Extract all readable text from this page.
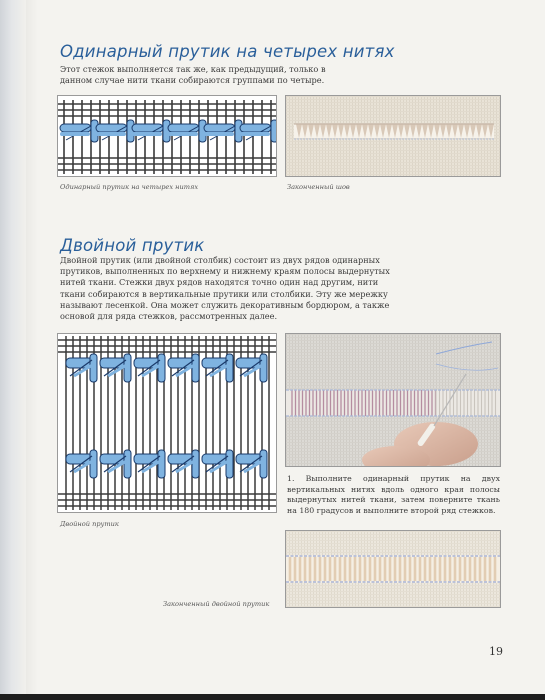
Одинарный прутик на четырех нитях

Этот стежок выполняется так же, как предыдущий, только в данном случае нити ткани собираются группами по четыре.

Одинарный прутик на четырех нитях	Законченный шов

Двойной прутик

Двойной прутик (или двойной столбик) состоит из двух рядов одинарных прутиков, выполненных по верхнему и нижнему краям полосы выдернутых нитей ткани. Стежки двух рядов находятся точно один над другим, нити ткани собираются в вертикальные прутики или столбики. Эту же мережку называют лесенкой. Она может служить декоративным бордюром, а также основой для ряда стежков, рассмотренных далее.

Двойной прутик

1. Выполните одинарный прутик на двух вертикальных нитях вдоль одного края полосы выдернутых нитей ткани, затем поверните ткань на 180 градусов и выполните второй ряд стежков.

Законченный двойной прутик

19
